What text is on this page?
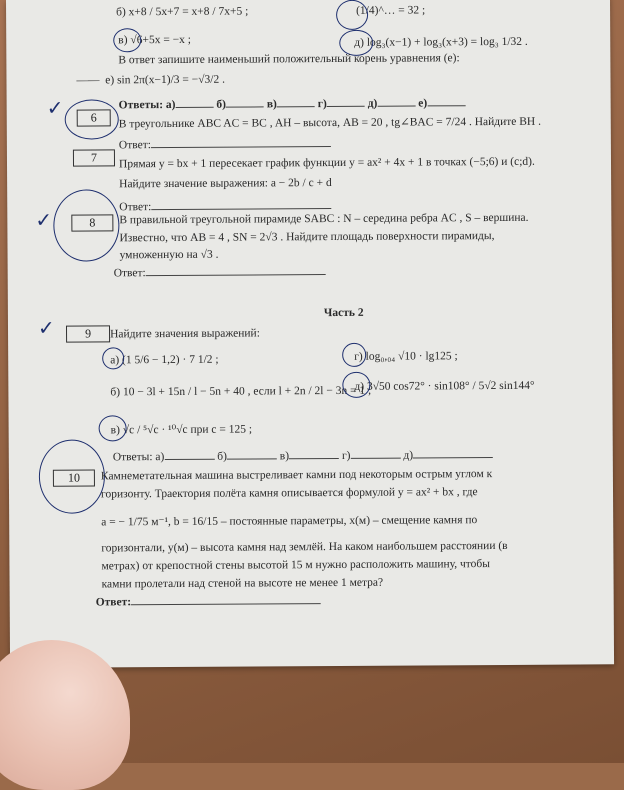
б) x+8 / 5x+7 = x+8 / 7x+5 ;	(1/4)^… = 32 ;
в) √6+5x = −x ;	д) log₃(x−1) + log₃(x+3) = log₃ 1/32 .
В ответ запишите наименьший положительный корень уравнения (е):
——  е) sin 2π(x−1)/3 = −√3/2 .
Ответы: а)	б)	в)	г)	д)	е)
6
✓
В треугольнике ABC AC = BC , AH – высота, AB = 20 , tg∠BAC = 7/24 . Найдите BH .
Ответ:
7	Прямая y = bx + 1 пересекает график функции y = ax² + 4x + 1 в точках (−5;6) и (c;d).
Найдите значение выражения: a − 2b / c + d
Ответ:
8
✓	В правильной треугольной пирамиде SABC : N – середина ребра AC , S – вершина.
Известно, что AB = 4 , SN = 2√3 . Найдите площадь поверхности пирамиды,
умноженную на √3 .
Ответ:
Часть 2
9
✓	Найдите значения выражений:
а) (1 5/6 − 1,2) · 7 1/2 ;	г) log₀,₀₄ √10 · lg125 ;
б) 10 − 3l + 15n / l − 5n + 40 , если l + 2n / 2l − 3n = 1 ;
д) 3√50 cos72° · sin108° / 5√2 sin144°
в) √c / ⁵√c · ¹⁰√c при c = 125 ;
Ответы: а)	б)	в)	г)	д)
10	Камнеметательная машина выстреливает камни под некоторым острым углом к
горизонту. Траектория полёта камня описывается формулой y = ax² + bx , где
a = − 1/75 м⁻¹, b = 16/15 – постоянные параметры, x(м) – смещение камня по
горизонтали, y(м) – высота камня над землёй. На каком наибольшем расстоянии (в
метрах) от крепостной стены высотой 15 м нужно расположить машину, чтобы
камни пролетали над стеной на высоте не менее 1 метра?
Ответ:
